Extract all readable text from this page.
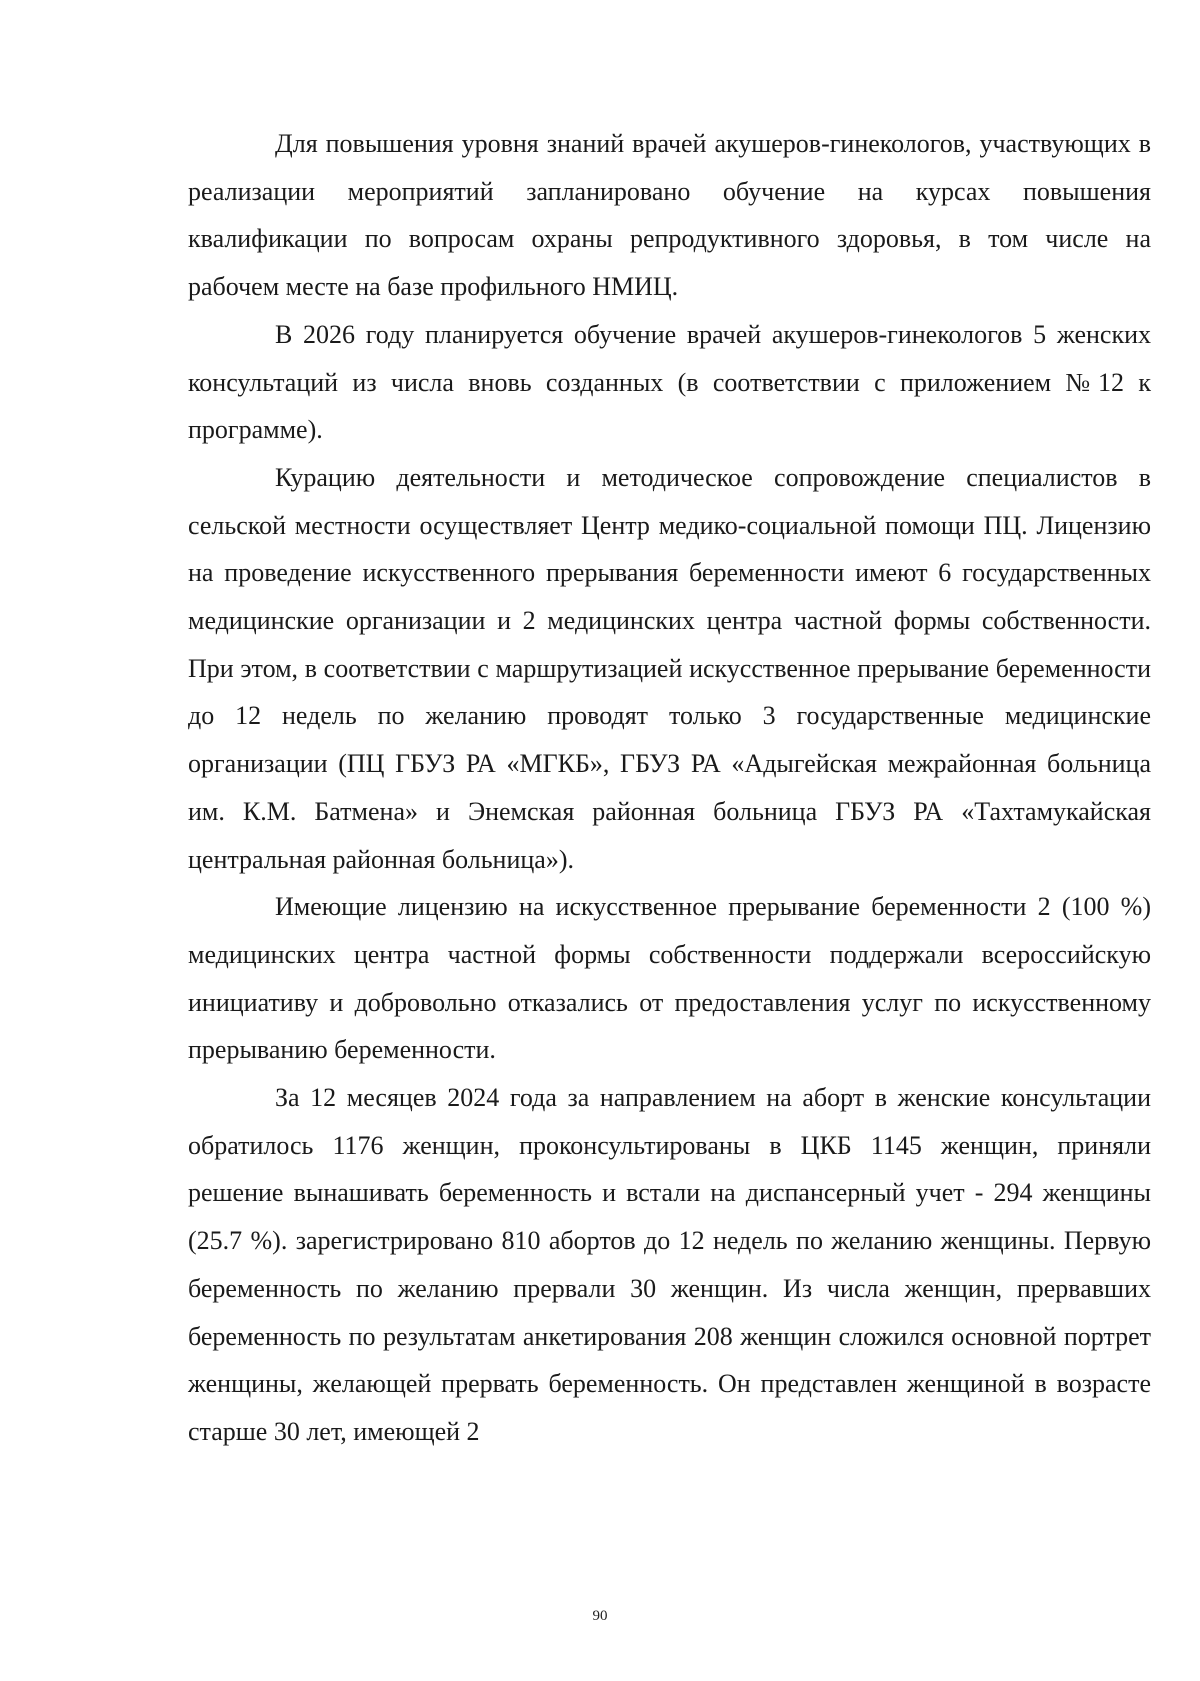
Для повышения уровня знаний врачей акушеров-гинекологов, участвующих в реализации мероприятий запланировано обучение на курсах повышения квалификации по вопросам охраны репродуктивного здоровья, в том числе на рабочем месте на базе профильного НМИЦ.

В 2026 году планируется обучение врачей акушеров-гинекологов 5 женских консультаций из числа вновь созданных (в соответствии с приложением №12 к программе).

Курацию деятельности и методическое сопровождение специалистов в сельской местности осуществляет Центр медико-социальной помощи ПЦ. Лицензию на проведение искусственного прерывания беременности имеют 6 государственных медицинские организации и 2 медицинских центра частной формы собственности. При этом, в соответствии с маршрутизацией искусственное прерывание беременности до 12 недель по желанию проводят только 3 государственные медицинские организации (ПЦ ГБУЗ РА «МГКБ», ГБУЗ РА «Адыгейская межрайонная больница им. К.М. Батмена» и Энемская районная больница ГБУЗ РА «Тахтамукайская центральная районная больница»).

Имеющие лицензию на искусственное прерывание беременности 2 (100 %) медицинских центра частной формы собственности поддержали всероссийскую инициативу и добровольно отказались от предоставления услуг по искусственному прерыванию беременности.

За 12 месяцев 2024 года за направлением на аборт в женские консультации обратилось 1176 женщин, проконсультированы в ЦКБ 1145 женщин, приняли решение вынашивать беременность и встали на диспансерный учет - 294 женщины (25.7 %). зарегистрировано 810 абортов до 12 недель по желанию женщины. Первую беременность по желанию прервали 30 женщин. Из числа женщин, прервавших беременность по результатам анкетирования 208 женщин сложился основной портрет женщины, желающей прервать беременность. Он представлен женщиной в возрасте старше 30 лет, имеющей 2

90
